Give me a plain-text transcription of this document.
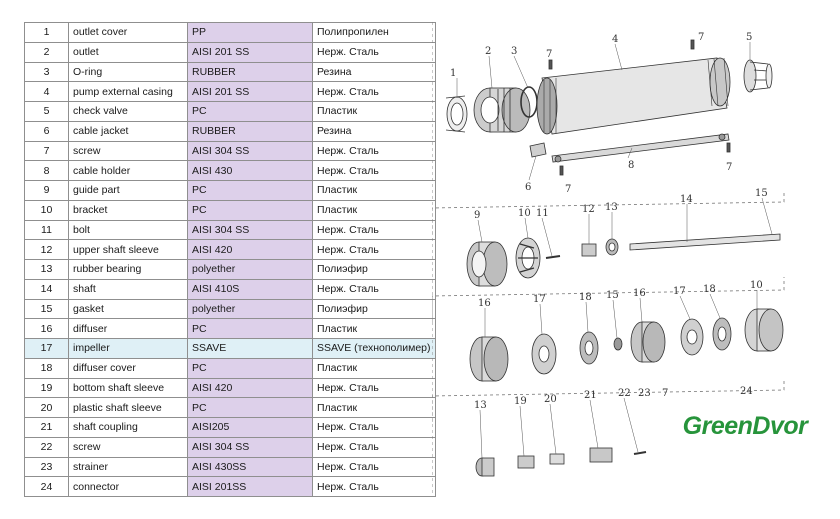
1	outlet cover	PP	Полипропилен
2	outlet	AISI 201 SS	Нерж. Сталь
3	O-ring	RUBBER	Резина
4	pump external casing	AISI 201 SS	Нерж. Сталь
5	check valve	PC	Пластик
6	cable jacket	RUBBER	Резина
7	screw	AISI 304 SS	Нерж. Сталь
8	cable holder	AISI 430	Нерж. Сталь
9	guide part	PC	Пластик
10	bracket	PC	Пластик
11	bolt	AISI 304 SS	Нерж. Сталь
12	upper shaft sleeve	AISI 420	Нерж. Сталь
13	rubber bearing	polyether	Полиэфир
14	shaft	AISI 410S	Нерж. Сталь
15	gasket	polyether	Полиэфир
16	diffuser	PC	Пластик
17	impeller	SSAVE	SSAVE (технополимер)
18	diffuser cover	PC	Пластик
19	bottom shaft sleeve	AISI 420	Нерж. Сталь
20	plastic shaft sleeve	PC	Пластик
21	shaft coupling	AISI205	Нерж. Сталь
22	screw	AISI 304 SS	Нерж. Сталь
23	strainer	AISI 430SS	Нерж. Сталь
24	connector	AISI 201SS	Нерж. Сталь
1
2 3	7
4	7	5
6	7
8	7
9	10 11	12 13
14
15
16	17	18 15 16	17 18	10
23 7	24
13	19 20	21 22
GreenDvor
